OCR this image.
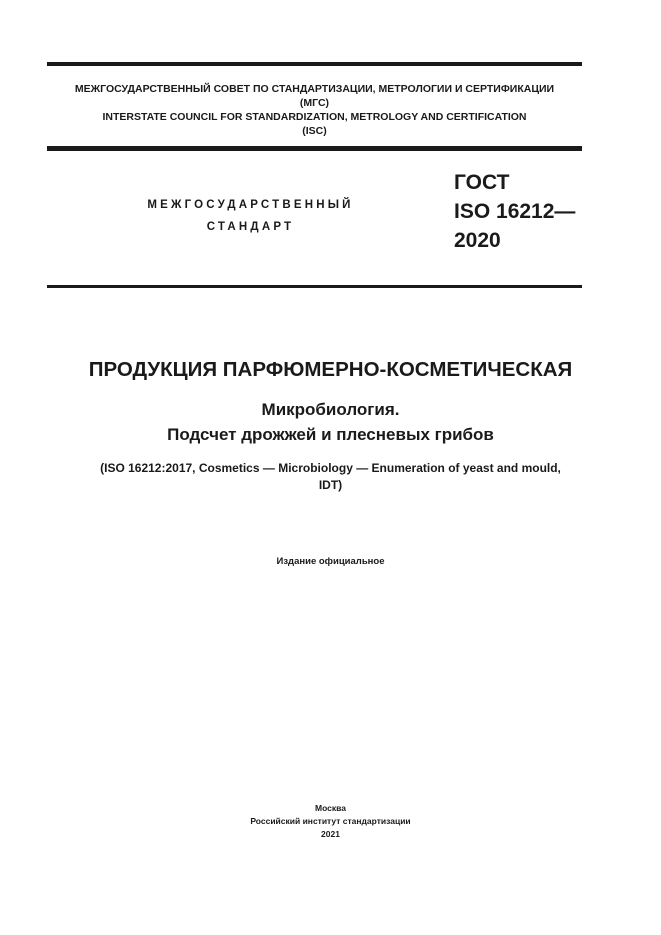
МЕЖГОСУДАРСТВЕННЫЙ СОВЕТ ПО СТАНДАРТИЗАЦИИ, МЕТРОЛОГИИ И СЕРТИФИКАЦИИ
(МГС)
INTERSTATE COUNCIL FOR STANDARDIZATION, METROLOGY AND CERTIFICATION
(ISC)
МЕЖГОСУДАРСТВЕННЫЙ
СТАНДАРТ
ГОСТ
ISO 16212—
2020
ПРОДУКЦИЯ ПАРФЮМЕРНО-КОСМЕТИЧЕСКАЯ
Микробиология.
Подсчет дрожжей и плесневых грибов
(ISO 16212:2017, Cosmetics — Microbiology — Enumeration of yeast and mould,
IDT)
Издание официальное
Москва
Российский институт стандартизации
2021
